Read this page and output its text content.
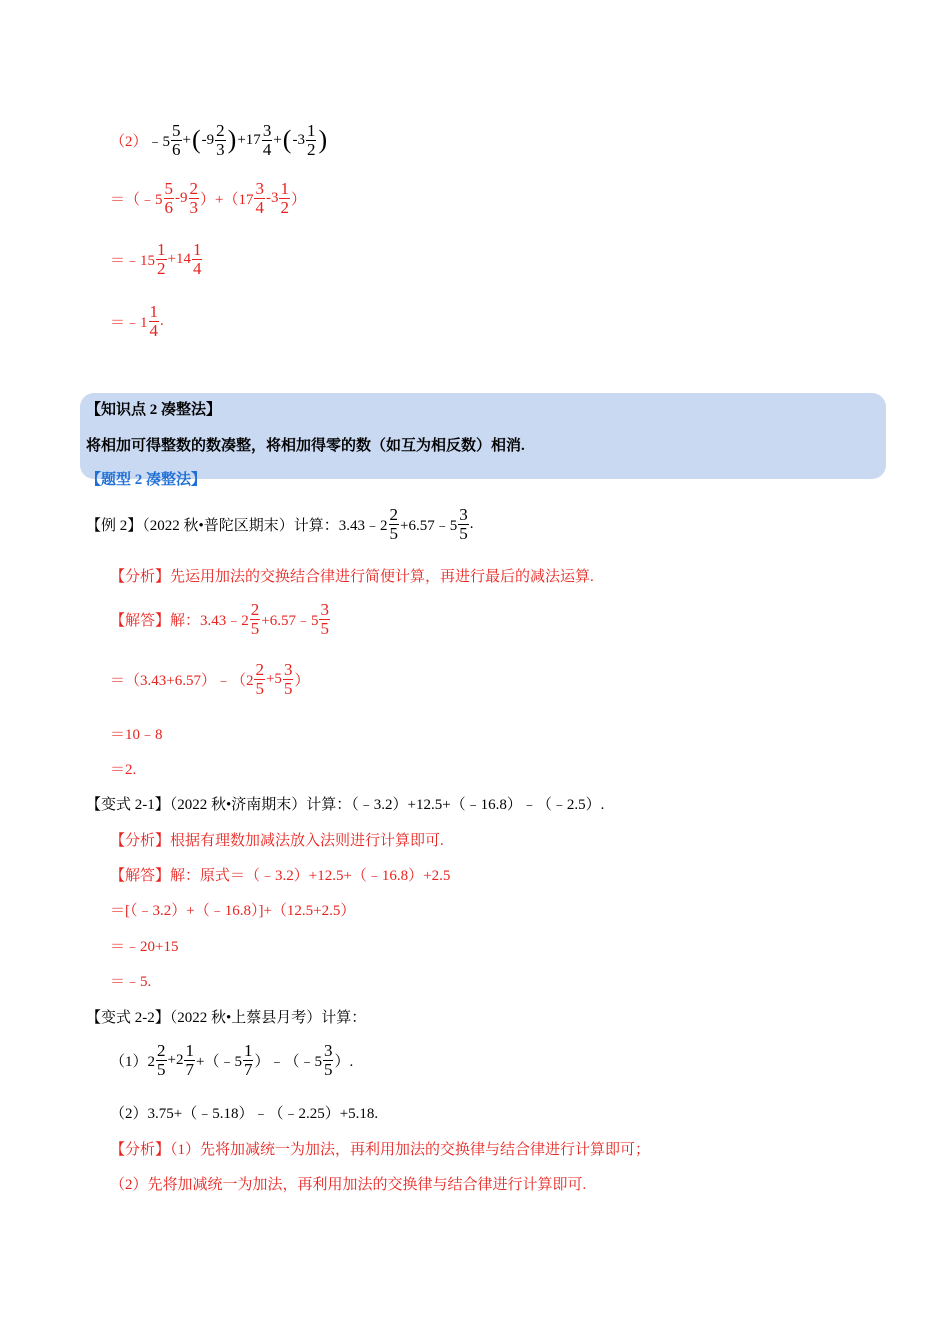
（2） ﹣5 $\frac{5}{6}$ + ( $-9 \frac{2}{3}$ ) $+17 \frac{3}{4}$ + ( $-3 \frac{1}{2}$ )
＝（﹣5 $\frac{5}{6} -9 \frac{2}{3} )+(17 \frac{3}{4} -3 \frac{1}{2}$ ）
＝﹣15 $\frac{1}{2} +14 \frac{1}{4}$
＝﹣1 $\frac{1}{4}$ .
【知识点 2 凑整法】
将相加可得整数的数凑整，将相加得零的数（如互为相反数）相消.
【题型 2 凑整法】
【例 2】（2022 秋•普陀区期末）计算：3.43﹣2 $\frac{2}{5}$ +6.57﹣5 $\frac{3}{5}$ .
【分析】先运用加法的交换结合律进行简便计算，再进行最后的减法运算.
【解答】解：3.43﹣2 $\frac{2}{5}$ +6.57﹣5 $\frac{3}{5}$
＝（3.43+6.57）﹣（2 $\frac{2}{5} +5 \frac{3}{5}$ ）
＝10﹣8
＝2.
【变式 2-1】（2022 秋•济南期末）计算：（﹣3.2）+12.5+（﹣16.8）﹣（﹣2.5）.
【分析】根据有理数加减法放入法则进行计算即可.
【解答】解：原式＝（﹣3.2）+12.5+（﹣16.8）+2.5
＝[（﹣3.2）+（﹣16.8）]+（12.5+2.5）
＝﹣20+15
＝﹣5.
【变式 2-2】（2022 秋•上蔡县月考）计算：
$(1)2 \frac{2}{5} +2 \frac{1}{7}$ +（﹣5 $\frac{1}{7}$ ）﹣（﹣5 $\frac{3}{5}$ ）.
（2）3.75+（﹣5.18）﹣（﹣2.25）+5.18.
【分析】（1）先将加减统一为加法，再利用加法的交换律与结合律进行计算即可；
（2）先将加减统一为加法，再利用加法的交换律与结合律进行计算即可.
